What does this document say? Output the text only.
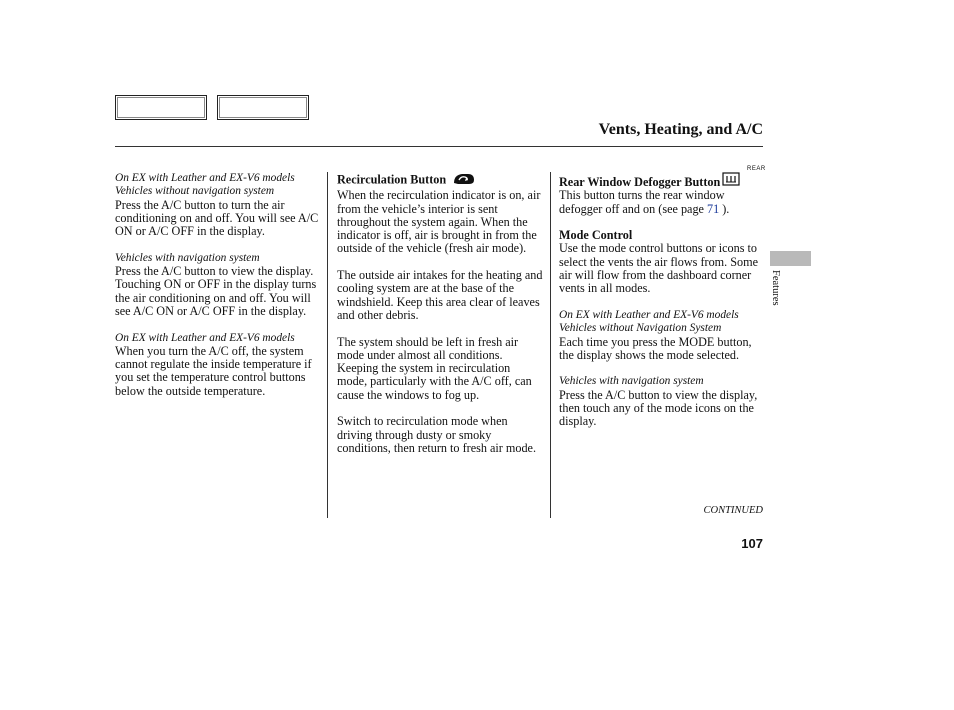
Vents, Heating, and A/C
On EX with Leather and EX-V6 models
Vehicles without navigation system

Press the A/C button to turn the air conditioning on and off. You will see A/C ON or A/C OFF in the display.

Vehicles with navigation system

Press the A/C button to view the display. Touching ON or OFF in the display turns the air conditioning on and off. You will see A/C ON or A/C OFF in the display.

On EX with Leather and EX-V6 models

When you turn the A/C off, the system cannot regulate the inside temperature if you set the temperature control buttons below the outside temperature.

Recirculation Button

When the recirculation indicator is on, air from the vehicle’s interior is sent throughout the system again. When the indicator is off, air is brought in from the outside of the vehicle (fresh air mode).

The outside air intakes for the heating and cooling system are at the base of the windshield. Keep this area clear of leaves and other debris.

The system should be left in fresh air mode under almost all conditions. Keeping the system in recirculation mode, particularly with the A/C off, can cause the windows to fog up.

Switch to recirculation mode when driving through dusty or smoky conditions, then return to fresh air mode.

REAR
Rear Window Defogger Button

This button turns the rear window defogger off and on (see page 71 ).

Mode Control

Use the mode control buttons or icons to select the vents the air flows from. Some air will flow from the dashboard corner vents in all modes.

On EX with Leather and EX-V6 models
Vehicles without Navigation System

Each time you press the MODE button, the display shows the mode selected.

Vehicles with navigation system

Press the A/C button to view the display, then touch any of the mode icons on the display.

Features
CONTINUED
107
